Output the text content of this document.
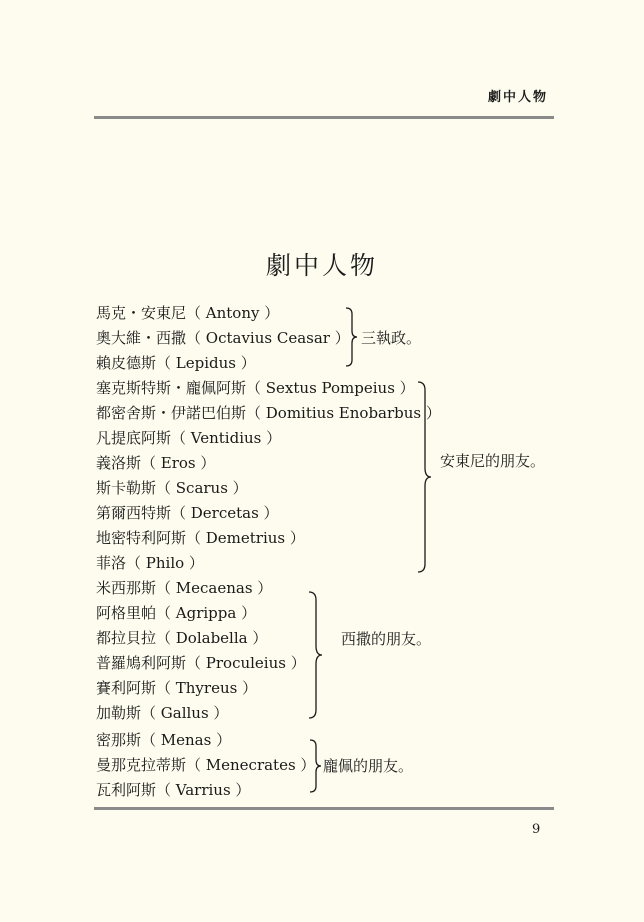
劇中人物
劇中人物
馬克・安東尼（ Antony ）
奧大維・西撒（ Octavius Ceasar ）
賴皮德斯（ Lepidus ）
三執政。
塞克斯特斯・龐佩阿斯（ Sextus Pompeius ）
都密舍斯・伊諾巴伯斯（ Domitius Enobarbus ）
凡提底阿斯（ Ventidius ）
義洛斯（ Eros ）
斯卡勒斯（ Scarus ）
第爾西特斯（ Dercetas ）
地密特利阿斯（ Demetrius ）
菲洛（ Philo ）
安東尼的朋友。
米西那斯（ Mecaenas ）
阿格里帕（ Agrippa ）
都拉貝拉（ Dolabella ）
普羅鳩利阿斯（ Proculeius ）
賽利阿斯（ Thyreus ）
加勒斯（ Gallus ）
西撒的朋友。
密那斯（ Menas ）
曼那克拉蒂斯（ Menecrates ）
瓦利阿斯（ Varrius ）
龐佩的朋友。
9
